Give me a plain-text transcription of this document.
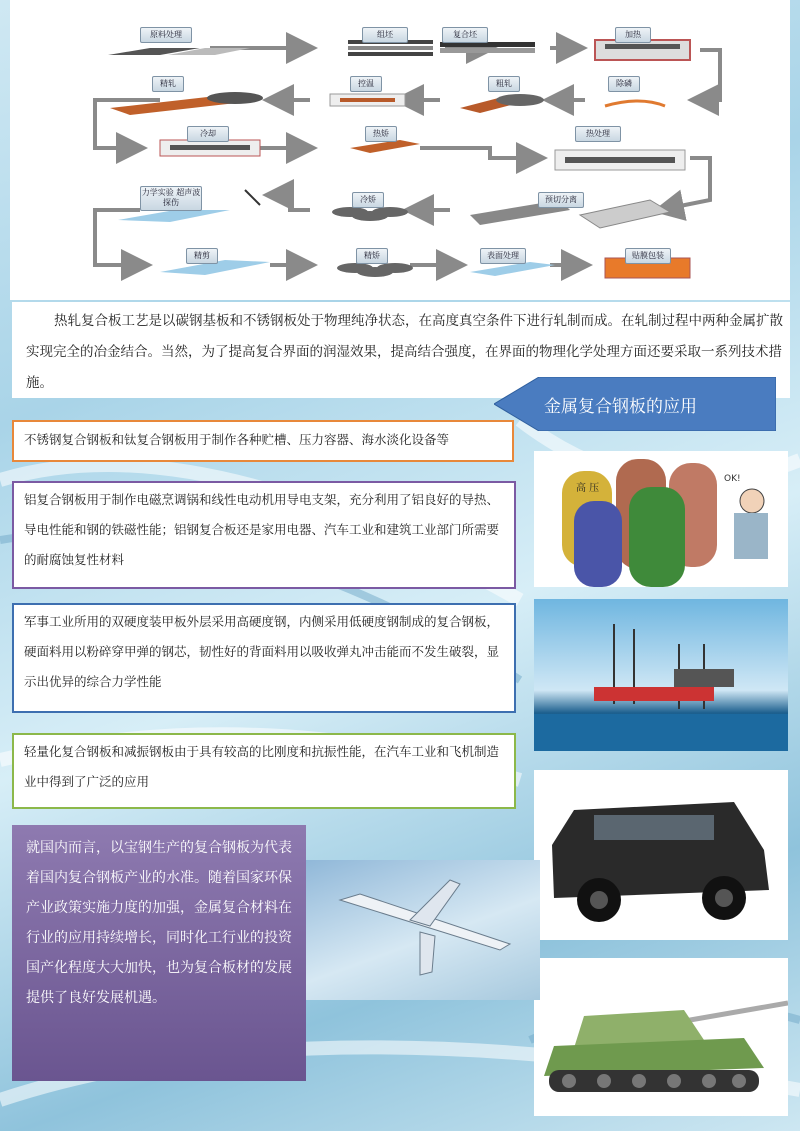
原料处理	组坯	复合坯	加热
精轧	控温	粗轧	除磷
冷却	热矫	热处理
力学实验 超声波探伤	冷矫	预切分离
精剪	精矫	表面处理	贴膜包装

热轧复合板工艺是以碳钢基板和不锈钢板处于物理纯净状态，在高度真空条件下进行轧制而成。在轧制过程中两种金属扩散实现完全的冶金结合。当然，为了提高复合界面的润湿效果，提高结合强度，在界面的物理化学处理方面还要采取一系列技术措施。

金属复合钢板的应用

不锈钢复合钢板和钛复合钢板用于制作各种贮槽、压力容器、海水淡化设备等

铝复合钢板用于制作电磁烹调锅和线性电动机用导电支架，充分利用了铝良好的导热、导电性能和钢的铁磁性能；铝钢复合板还是家用电器、汽车工业和建筑工业部门所需要的耐腐蚀复性材料

军事工业所用的双硬度装甲板外层采用高硬度钢，内侧采用低硬度钢制成的复合钢板，硬面料用以粉碎穿甲弹的钢芯，韧性好的背面料用以吸收弹丸冲击能而不发生破裂，显示出优异的综合力学性能

轻量化复合钢板和减振钢板由于具有较高的比刚度和抗振性能，在汽车工业和飞机制造业中得到了广泛的应用

高 压
OK!

就国内而言，以宝钢生产的复合钢板为代表着国内复合钢板产业的水准。随着国家环保产业政策实施力度的加强，金属复合材料在行业的应用持续增长，同时化工行业的投资国产化程度大大加快，也为复合板材的发展提供了良好发展机遇。
